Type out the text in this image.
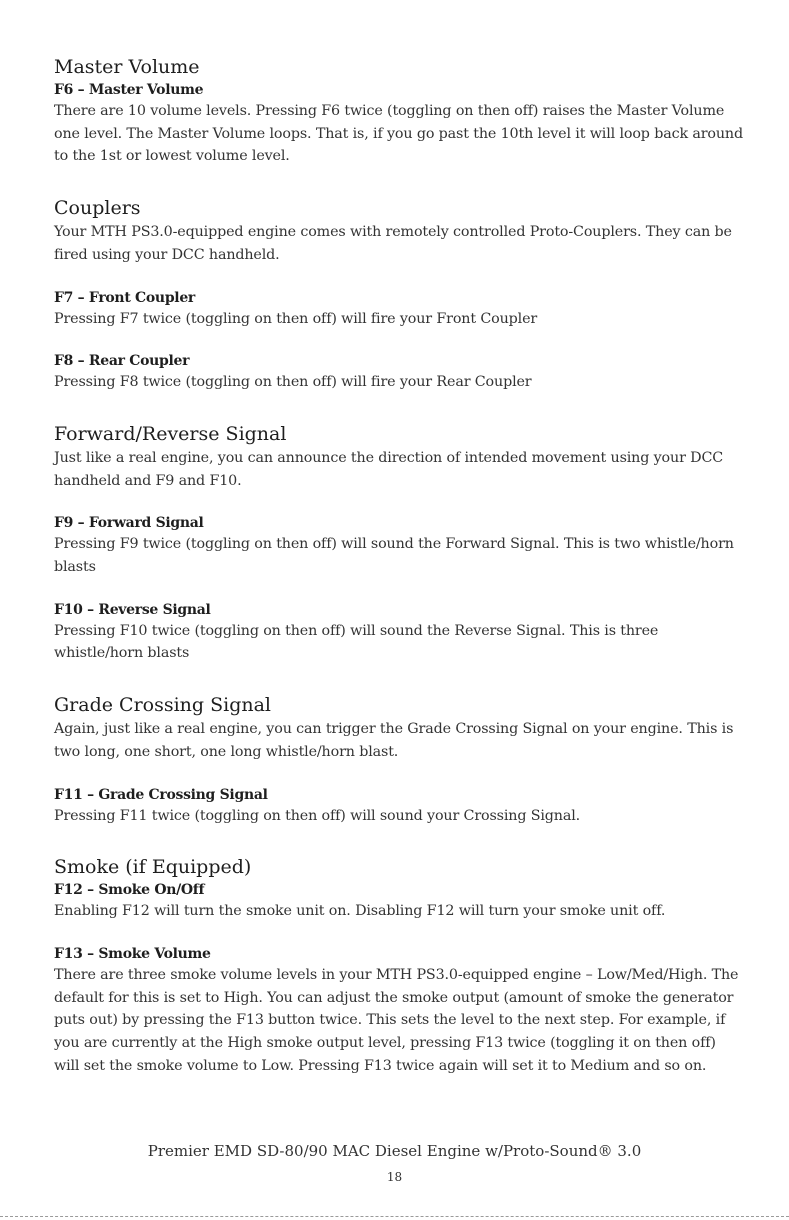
Master Volume
F6 – Master Volume

There are 10 volume levels. Pressing F6 twice (toggling on then off) raises the Master Volume one level. The Master Volume loops. That is, if you go past the 10th level it will loop back around to the 1st or lowest volume level.

Couplers

Your MTH PS3.0-equipped engine comes with remotely controlled Proto-Couplers. They can be fired using your DCC handheld.

F7 – Front Coupler

Pressing F7 twice (toggling on then off) will fire your Front Coupler

F8 – Rear Coupler

Pressing F8 twice (toggling on then off) will fire your Rear Coupler

Forward/Reverse Signal

Just like a real engine, you can announce the direction of intended movement using your DCC handheld and F9 and F10.

F9 – Forward Signal

Pressing F9 twice (toggling on then off) will sound the Forward Signal. This is two whistle/horn blasts

F10 – Reverse Signal

Pressing F10 twice (toggling on then off) will sound the Reverse Signal. This is three whistle/horn blasts

Grade Crossing Signal

Again, just like a real engine, you can trigger the Grade Crossing Signal on your engine. This is two long, one short, one long whistle/horn blast.

F11 – Grade Crossing Signal

Pressing F11 twice (toggling on then off) will sound your Crossing Signal.

Smoke (if Equipped)
F12 – Smoke On/Off

Enabling F12 will turn the smoke unit on. Disabling F12 will turn your smoke unit off.

F13 – Smoke Volume

There are three smoke volume levels in your MTH PS3.0-equipped engine – Low/Med/High. The default for this is set to High. You can adjust the smoke output (amount of smoke the generator puts out) by pressing the F13 button twice. This sets the level to the next step. For example, if you are currently at the High smoke output level, pressing F13 twice (toggling it on then off) will set the smoke volume to Low. Pressing F13 twice again will set it to Medium and so on.

Premier EMD SD-80/90 MAC Diesel Engine w/Proto-Sound® 3.0
18
